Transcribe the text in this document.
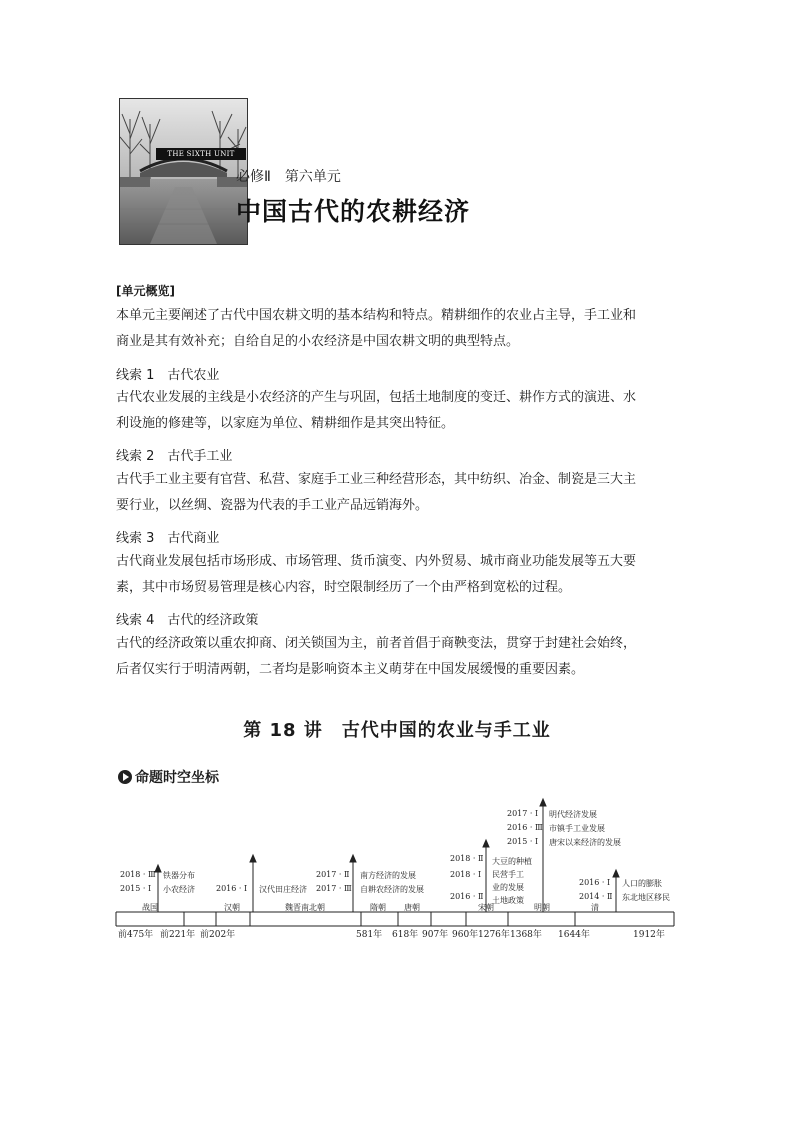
THE SIXTH UNIT
必修Ⅱ　第六单元
中国古代的农耕经济
[单元概览]
本单元主要阐述了古代中国农耕文明的基本结构和特点。精耕细作的农业占主导，手工业和
商业是其有效补充；自给自足的小农经济是中国农耕文明的典型特点。
线索 1　古代农业
古代农业发展的主线是小农经济的产生与巩固，包括土地制度的变迁、耕作方式的演进、水
利设施的修建等，以家庭为单位、精耕细作是其突出特征。
线索 2　古代手工业
古代手工业主要有官营、私营、家庭手工业三种经营形态，其中纺织、冶金、制瓷是三大主
要行业，以丝绸、瓷器为代表的手工业产品远销海外。
线索 3　古代商业
古代商业发展包括市场形成、市场管理、货币演变、内外贸易、城市商业功能发展等五大要
素，其中市场贸易管理是核心内容，时空限制经历了一个由严格到宽松的过程。
线索 4　古代的经济政策
古代的经济政策以重农抑商、闭关锁国为主，前者首倡于商鞅变法，贯穿于封建社会始终，
后者仅实行于明清两朝，二者均是影响资本主义萌芽在中国发展缓慢的重要因素。
第 18 讲　古代中国的农业与手工业
命题时空坐标
战国	汉朝	魏晋南北朝	隋朝 唐朝	宋朝	明朝	清
前475年 前221年 前202年	581年 618年 907年 960年 1276年 1368年 1644年	1912年
2018 · Ⅲ
2015 · Ⅰ
铁器分布
小农经济	2016 · Ⅰ 汉代田庄经济
2017 · Ⅱ
2017 · Ⅲ
南方经济的发展
自耕农经济的发展
2018 · Ⅱ
2018 · Ⅰ
2016 · Ⅱ
大豆的种植
民营手工
业的发展
土地政策
2017 · Ⅰ
2016 · Ⅲ
2015 · Ⅰ
明代经济发展
市镇手工业发展
唐宋以来经济的发展
2016 · Ⅰ
2014 · Ⅱ
人口的膨胀
东北地区移民
